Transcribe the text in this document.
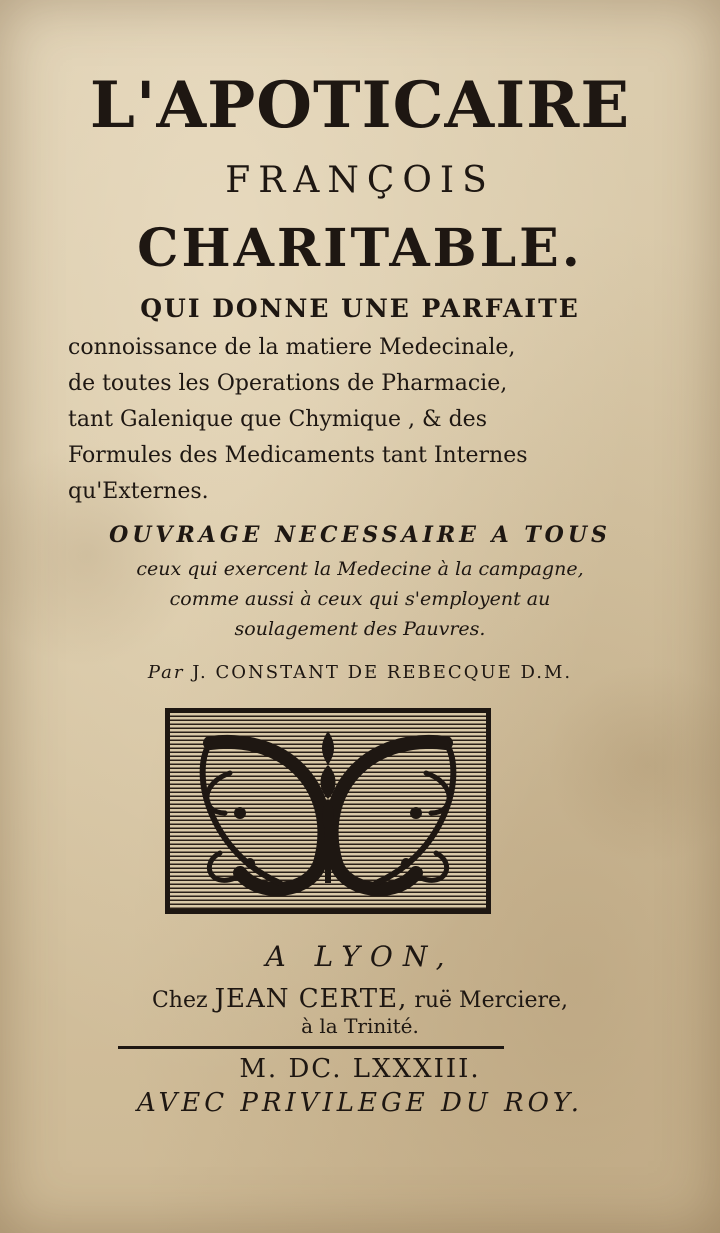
L'APOTICAIRE
FRANÇOIS
CHARITABLE.
QUI DONNE UNE PARFAITE
connoissance de la matiere Medecinale,
de toutes les Operations de Pharmacie,
tant Galenique que Chymique , & des
Formules des Medicaments tant Internes
qu'Externes.
OUVRAGE NECESSAIRE A TOUS
ceux qui exercent la Medecine à la campagne,
comme aussi à ceux qui s'employent au
soulagement des Pauvres.
Par J. CONSTANT DE REBECQUE D.M.
A LYON,
Chez JEAN CERTE, ruë Merciere,
à la Trinité.
M. DC. LXXXIII.
AVEC PRIVILEGE DU ROY.
